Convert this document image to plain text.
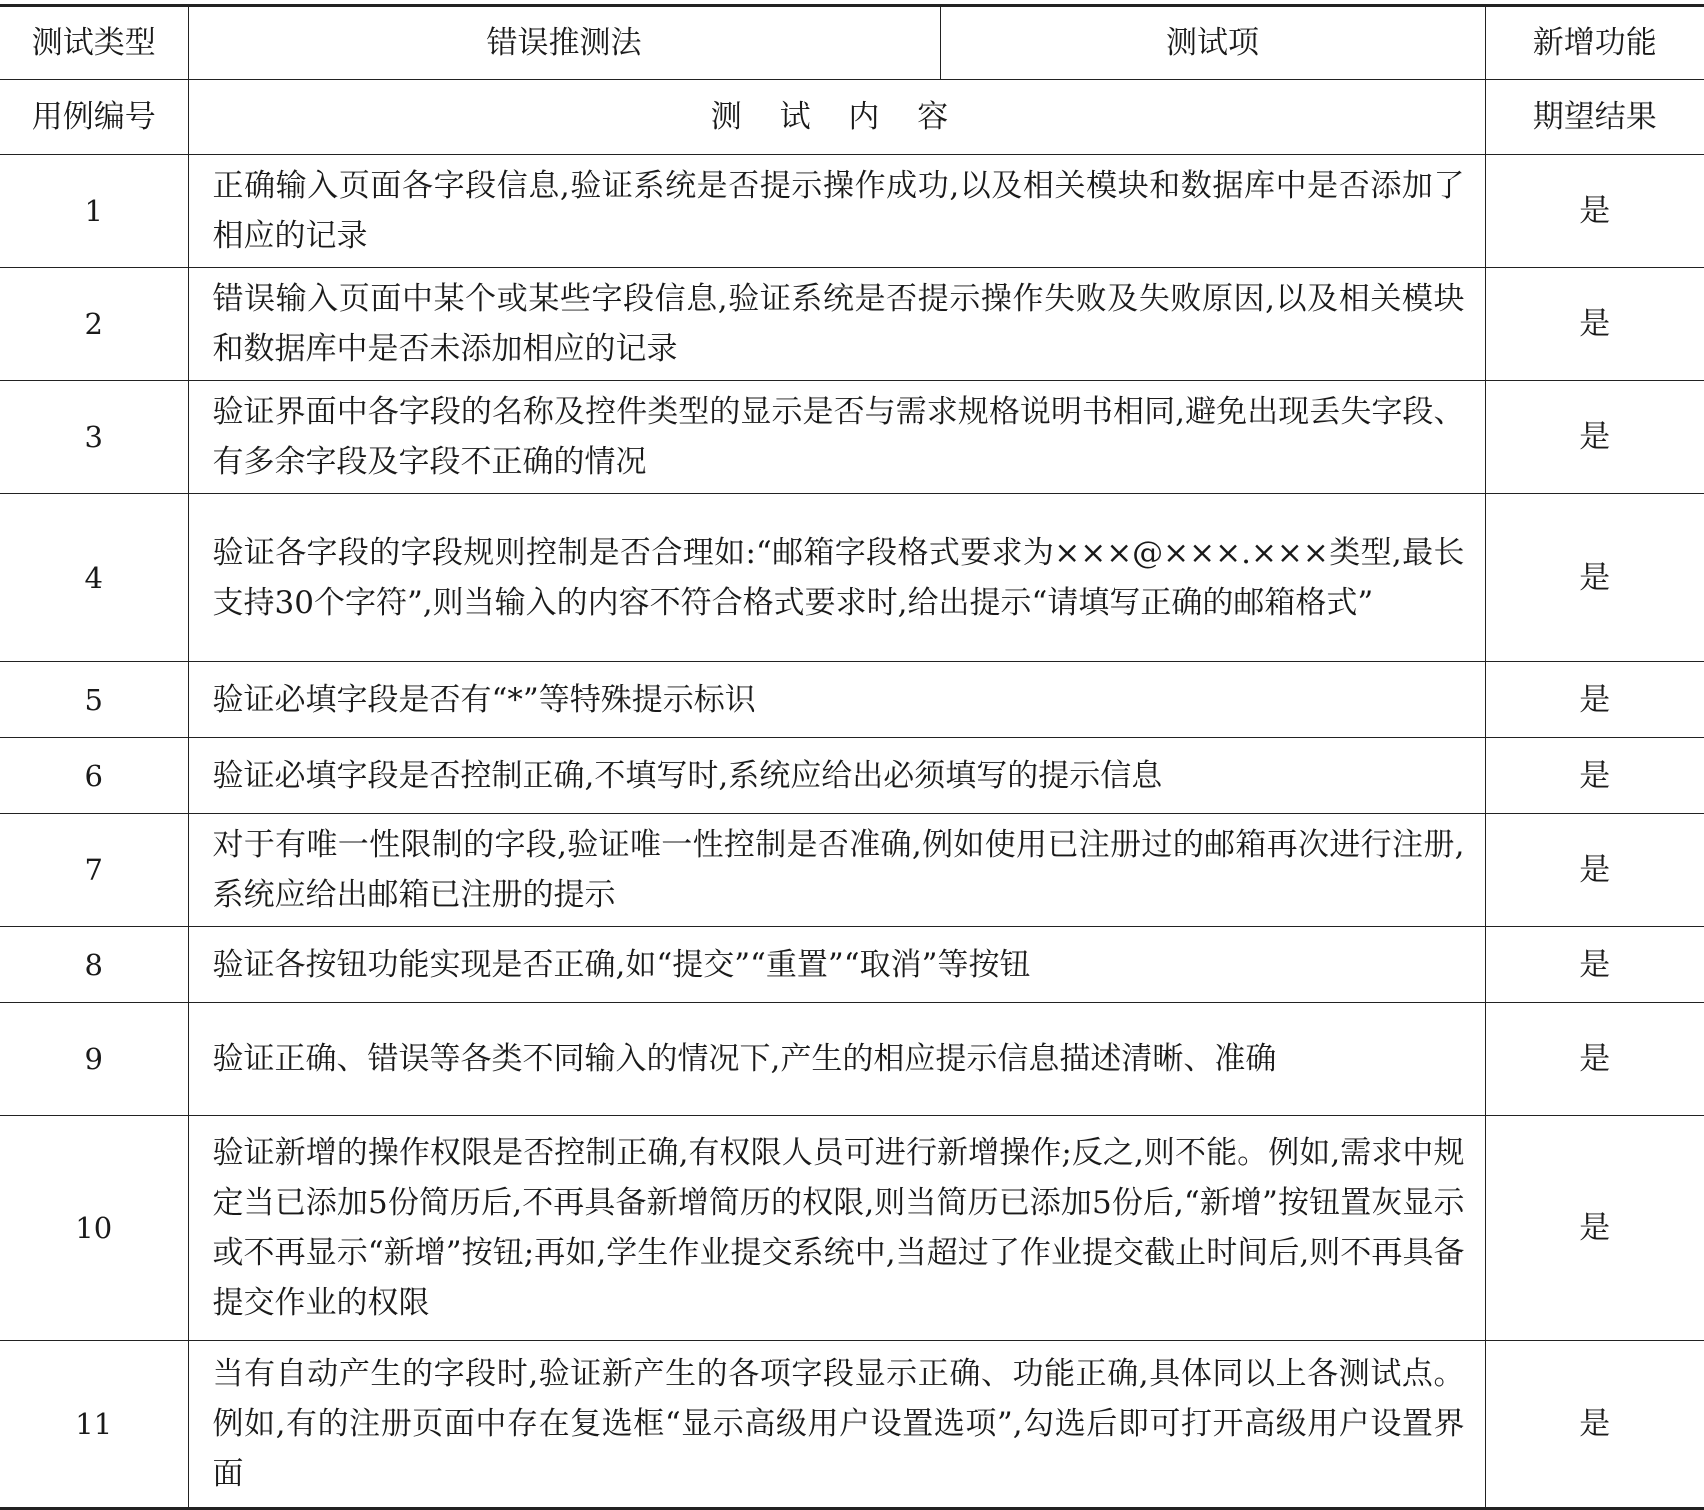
测试类型	错误推测法	测试项	新增功能
用例编号	测 试 内 容		期望结果
1	正确输入页面各字段信息,验证系统是否提示操作成功,以及相关模块和数据库中是否添加了相应的记录		是
2	错误输入页面中某个或某些字段信息,验证系统是否提示操作失败及失败原因,以及相关模块和数据库中是否未添加相应的记录		是
3	验证界面中各字段的名称及控件类型的显示是否与需求规格说明书相同,避免出现丢失字段、有多余字段及字段不正确的情况		是
4	验证各字段的字段规则控制是否合理如:“邮箱字段格式要求为×××@×××.×××类型,最长支持30个字符”,则当输入的内容不符合格式要求时,给出提示“请填写正确的邮箱格式”		是
5	验证必填字段是否有“*”等特殊提示标识		是
6	验证必填字段是否控制正确,不填写时,系统应给出必须填写的提示信息		是
7	对于有唯一性限制的字段,验证唯一性控制是否准确,例如使用已注册过的邮箱再次进行注册,系统应给出邮箱已注册的提示		是
8	验证各按钮功能实现是否正确,如“提交”“重置”“取消”等按钮		是
9	验证正确、错误等各类不同输入的情况下,产生的相应提示信息描述清晰、准确		是
10	验证新增的操作权限是否控制正确,有权限人员可进行新增操作;反之,则不能。例如,需求中规定当已添加5份简历后,不再具备新增简历的权限,则当简历已添加5份后,“新增”按钮置灰显示或不再显示“新增”按钮;再如,学生作业提交系统中,当超过了作业提交截止时间后,则不再具备提交作业的权限		是
11	当有自动产生的字段时,验证新产生的各项字段显示正确、功能正确,具体同以上各测试点。例如,有的注册页面中存在复选框“显示高级用户设置选项”,勾选后即可打开高级用户设置界面		是
